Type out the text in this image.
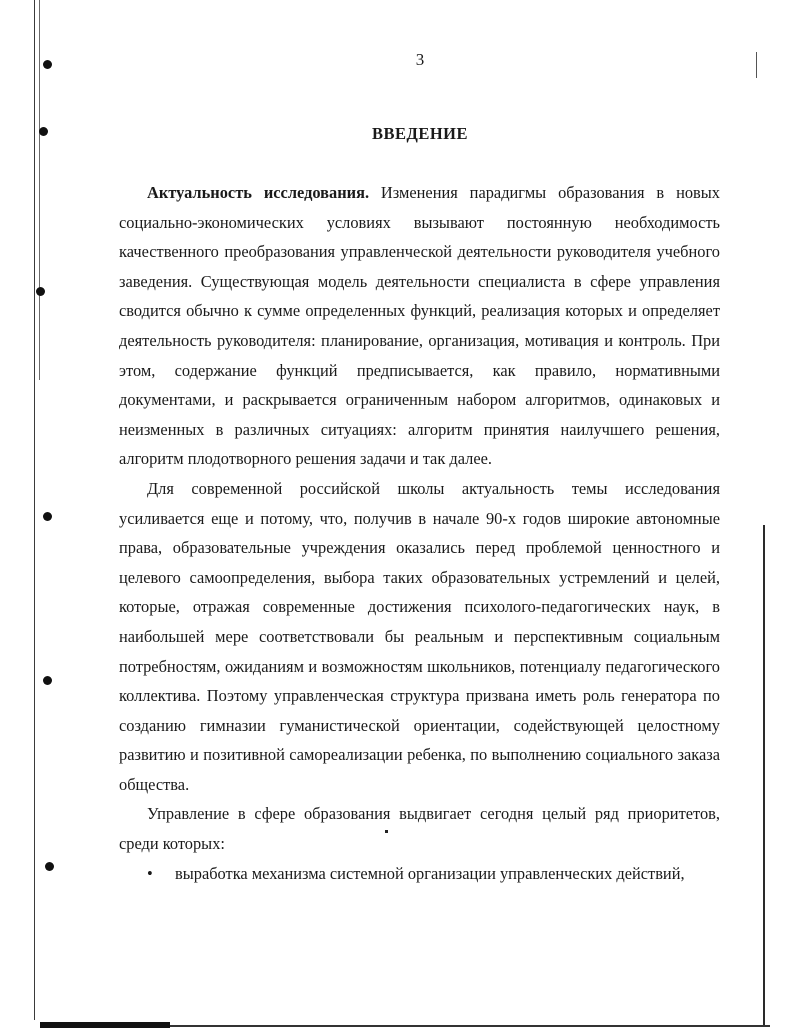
3
ВВЕДЕНИЕ

Актуальность исследования. Изменения парадигмы образования в новых социально-экономических условиях вызывают постоянную необходимость качественного преобразования управленческой деятельности руководителя учебного заведения. Существующая модель деятельности специалиста в сфере управления сводится обычно к сумме определенных функций, реализация которых и определяет деятельность руководителя: планирование, организация, мотивация и контроль. При этом, содержание функций предписывается, как правило, нормативными документами, и раскрывается ограниченным набором алгоритмов, одинаковых и неизменных в различных ситуациях: алгоритм принятия наилучшего решения, алгоритм плодотворного решения задачи и так далее.

Для современной российской школы актуальность темы исследования усиливается еще и потому, что, получив в начале 90-х годов широкие автономные права, образовательные учреждения оказались перед проблемой ценностного и целевого самоопределения, выбора таких образовательных устремлений и целей, которые, отражая современные достижения психолого-педагогических наук, в наибольшей мере соответствовали бы реальным и перспективным социальным потребностям, ожиданиям и возможностям школьников, потенциалу педагогического коллектива. Поэтому управленческая структура призвана иметь роль генератора по созданию гимназии гуманистической ориентации, содействующей целостному развитию и позитивной самореализации ребенка, по выполнению социального заказа общества.

Управление в сфере образования выдвигает сегодня целый ряд приоритетов, среди которых:

• выработка механизма системной организации управленческих действий,
